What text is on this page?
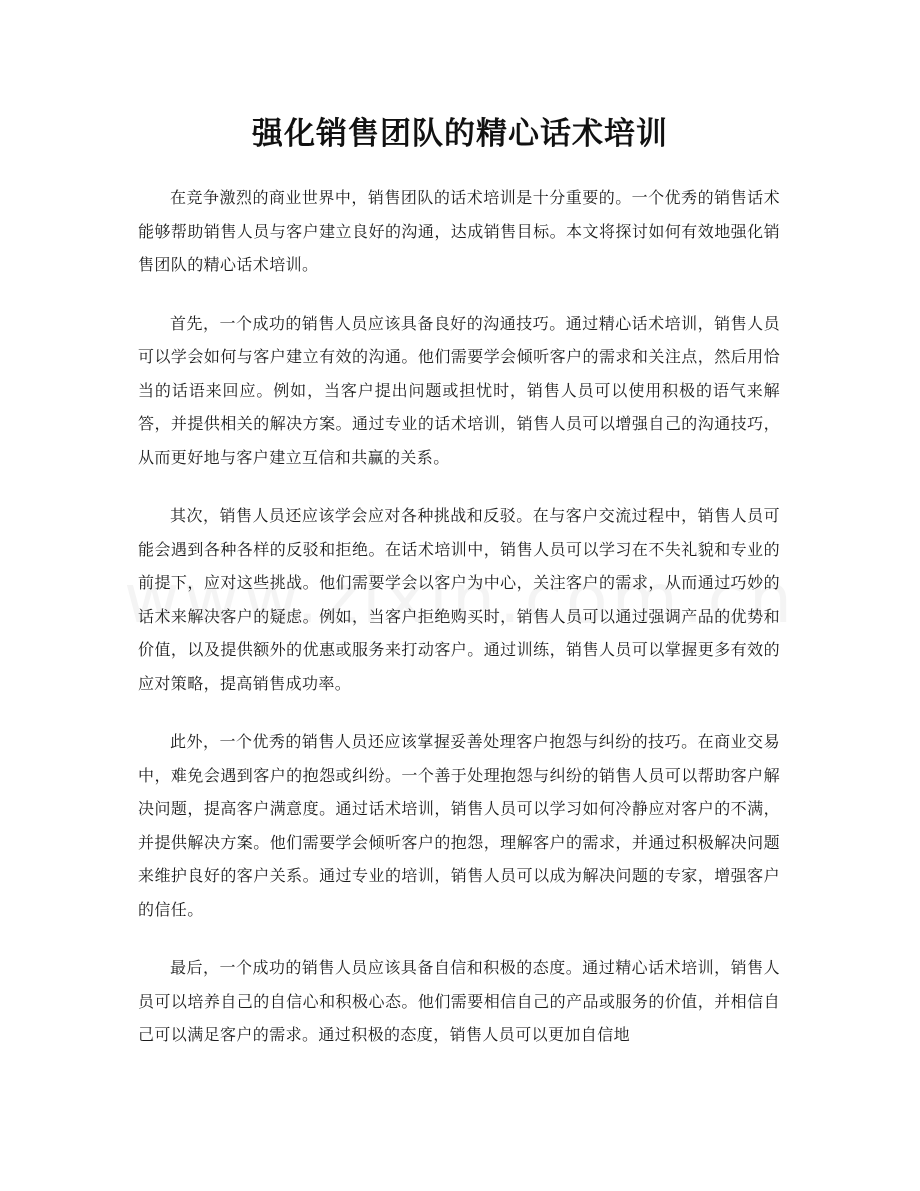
强化销售团队的精心话术培训

在竞争激烈的商业世界中，销售团队的话术培训是十分重要的。一个优秀的销售话术能够帮助销售人员与客户建立良好的沟通，达成销售目标。本文将探讨如何有效地强化销售团队的精心话术培训。

首先，一个成功的销售人员应该具备良好的沟通技巧。通过精心话术培训，销售人员可以学会如何与客户建立有效的沟通。他们需要学会倾听客户的需求和关注点，然后用恰当的话语来回应。例如，当客户提出问题或担忧时，销售人员可以使用积极的语气来解答，并提供相关的解决方案。通过专业的话术培训，销售人员可以增强自己的沟通技巧，从而更好地与客户建立互信和共赢的关系。

其次，销售人员还应该学会应对各种挑战和反驳。在与客户交流过程中，销售人员可能会遇到各种各样的反驳和拒绝。在话术培训中，销售人员可以学习在不失礼貌和专业的前提下，应对这些挑战。他们需要学会以客户为中心，关注客户的需求，从而通过巧妙的话术来解决客户的疑虑。例如，当客户拒绝购买时，销售人员可以通过强调产品的优势和价值，以及提供额外的优惠或服务来打动客户。通过训练，销售人员可以掌握更多有效的应对策略，提高销售成功率。

此外，一个优秀的销售人员还应该掌握妥善处理客户抱怨与纠纷的技巧。在商业交易中，难免会遇到客户的抱怨或纠纷。一个善于处理抱怨与纠纷的销售人员可以帮助客户解决问题，提高客户满意度。通过话术培训，销售人员可以学习如何冷静应对客户的不满，并提供解决方案。他们需要学会倾听客户的抱怨，理解客户的需求，并通过积极解决问题来维护良好的客户关系。通过专业的培训，销售人员可以成为解决问题的专家，增强客户的信任。

最后，一个成功的销售人员应该具备自信和积极的态度。通过精心话术培训，销售人员可以培养自己的自信心和积极心态。他们需要相信自己的产品或服务的价值，并相信自己可以满足客户的需求。通过积极的态度，销售人员可以更加自信地
